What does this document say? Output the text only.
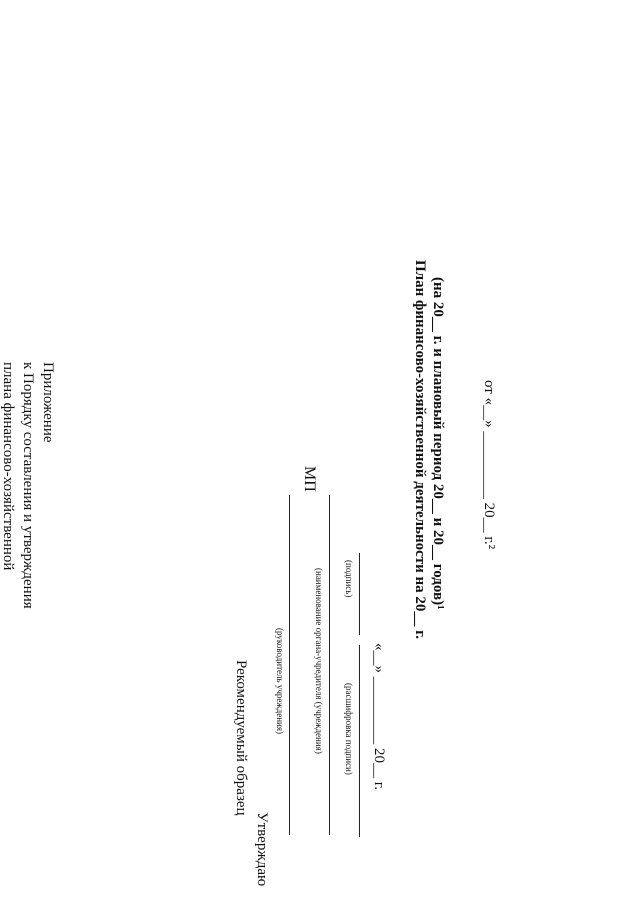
Приложение
к Порядку составления и утверждения
плана финансово-хозяйственной
Рекомендуемый образец
Утверждаю
(руководитель учреждения)	(наименование органа-учредителя (учреждения)
МП
(подпись)
(расшифровка подписи) «__» _________ 20__ г.
План финансово-хозяйственной деятельности на 20__ г. (на 20__ г. и плановый период 20__ и 20__ годов)¹ от «__» _________ 20__ г.²
